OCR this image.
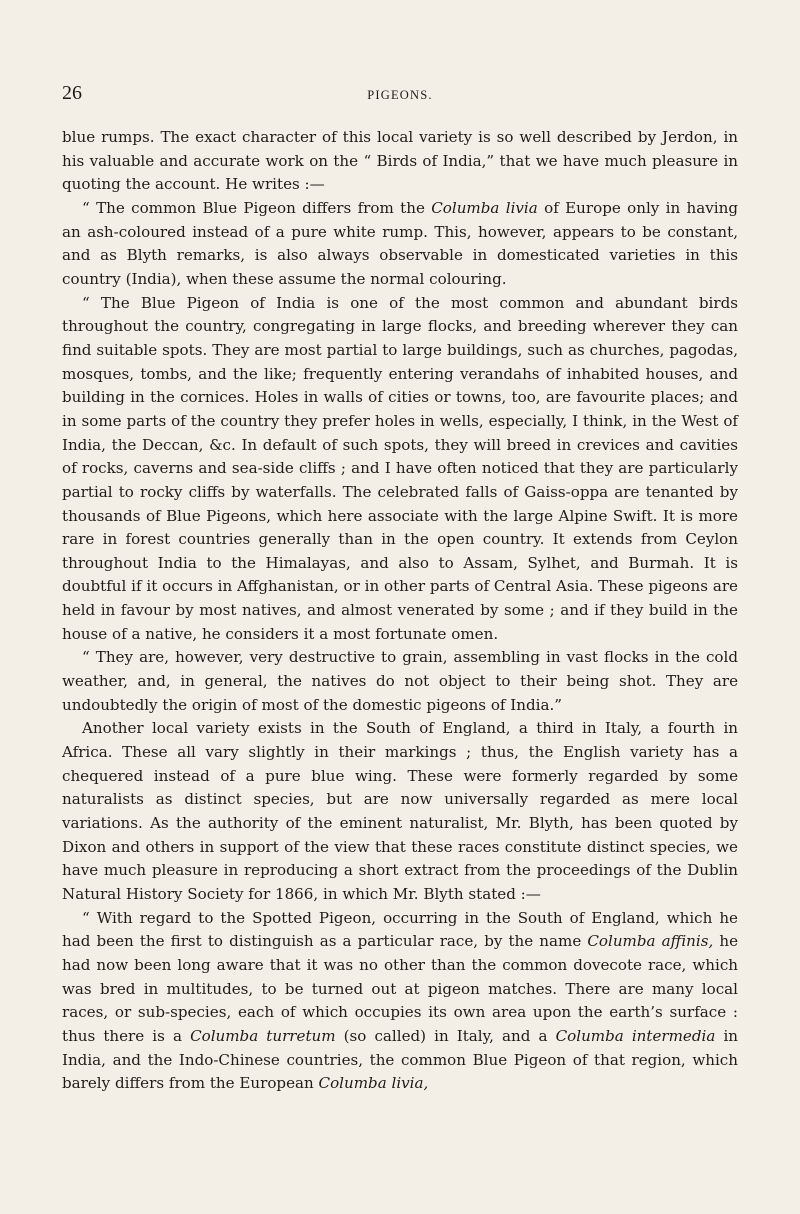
26	PIGEONS.

blue rumps. The exact character of this local variety is so well described by Jerdon, in his valuable and accurate work on the “ Birds of India,” that we have much pleasure in quoting the account. He writes :—

“ The common Blue Pigeon differs from the Columba livia of Europe only in having an ash-coloured instead of a pure white rump. This, however, appears to be constant, and as Blyth remarks, is also always observable in domesticated varieties in this country (India), when these assume the normal colouring.

“ The Blue Pigeon of India is one of the most common and abundant birds throughout the country, congregating in large flocks, and breeding wherever they can find suitable spots. They are most partial to large buildings, such as churches, pagodas, mosques, tombs, and the like; frequently entering verandahs of inhabited houses, and building in the cornices. Holes in walls of cities or towns, too, are favourite places; and in some parts of the country they prefer holes in wells, especially, I think, in the West of India, the Deccan, &c. In default of such spots, they will breed in crevices and cavities of rocks, caverns and sea-side cliffs ; and I have often noticed that they are particularly partial to rocky cliffs by waterfalls. The celebrated falls of Gaiss-oppa are tenanted by thousands of Blue Pigeons, which here associate with the large Alpine Swift. It is more rare in forest countries generally than in the open country. It extends from Ceylon throughout India to the Himalayas, and also to Assam, Sylhet, and Burmah. It is doubtful if it occurs in Affghanistan, or in other parts of Central Asia. These pigeons are held in favour by most natives, and almost venerated by some ; and if they build in the house of a native, he considers it a most fortunate omen.

“ They are, however, very destructive to grain, assembling in vast flocks in the cold weather, and, in general, the natives do not object to their being shot. They are undoubtedly the origin of most of the domestic pigeons of India.”

Another local variety exists in the South of England, a third in Italy, a fourth in Africa. These all vary slightly in their markings ; thus, the English variety has a chequered instead of a pure blue wing. These were formerly regarded by some naturalists as distinct species, but are now universally regarded as mere local variations. As the authority of the eminent naturalist, Mr. Blyth, has been quoted by Dixon and others in support of the view that these races constitute distinct species, we have much pleasure in reproducing a short extract from the proceedings of the Dublin Natural History Society for 1866, in which Mr. Blyth stated :—

“ With regard to the Spotted Pigeon, occurring in the South of England, which he had been the first to distinguish as a particular race, by the name Columba affinis, he had now been long aware that it was no other than the common dovecote race, which was bred in multitudes, to be turned out at pigeon matches. There are many local races, or sub-species, each of which occupies its own area upon the earth’s surface : thus there is a Columba turretum (so called) in Italy, and a Columba intermedia in India, and the Indo-Chinese countries, the common Blue Pigeon of that region, which barely differs from the European Columba livia,
